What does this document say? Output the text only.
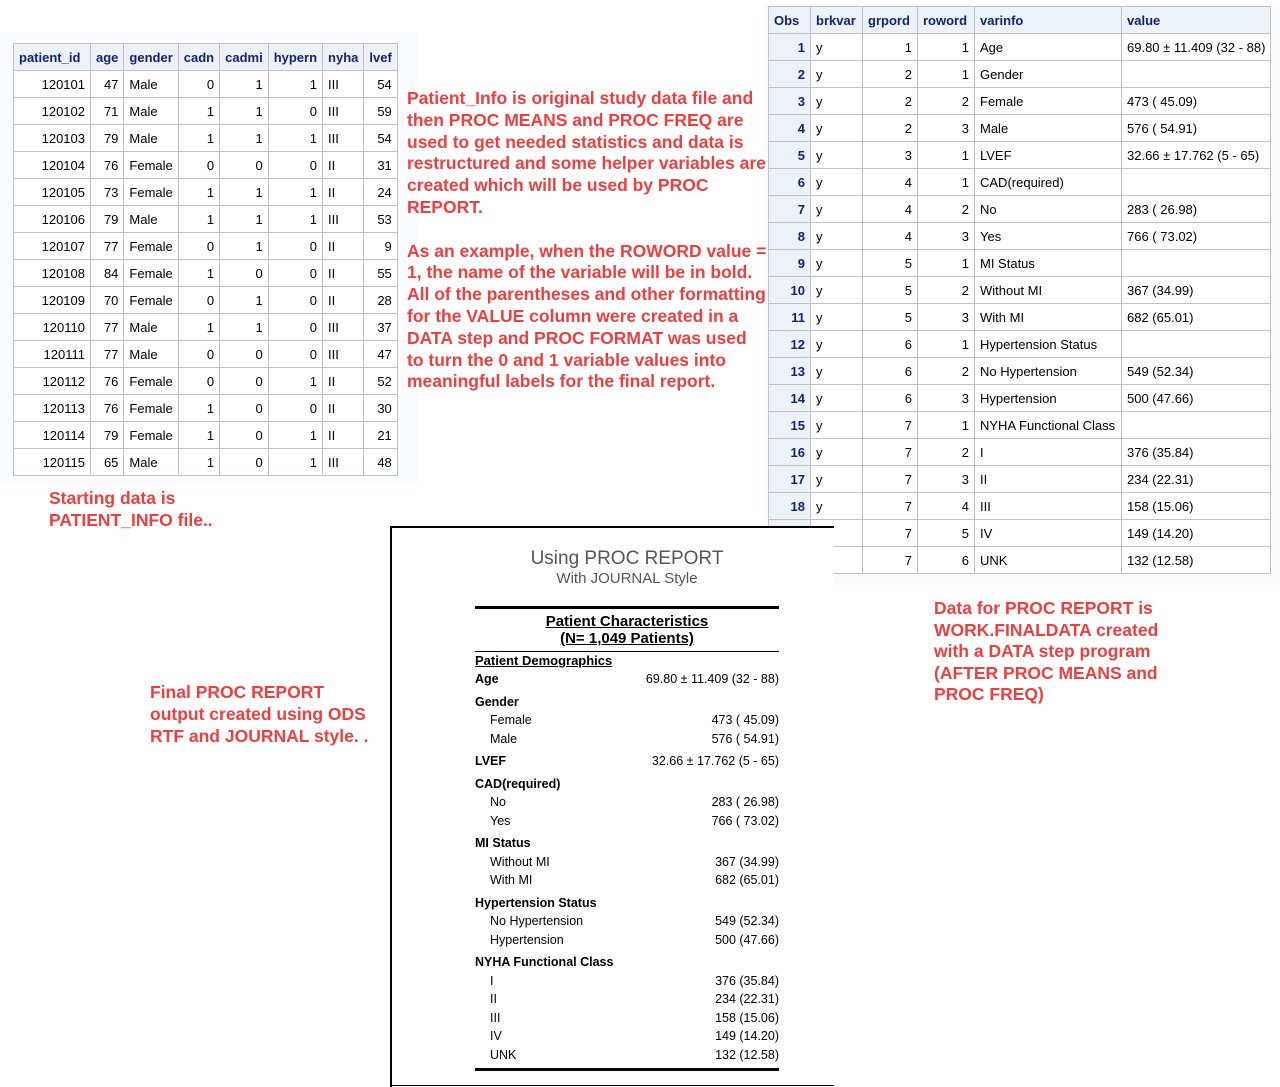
patient_id	age	gender	cadn	cadmi	hypern	nyha	lvef
120101	47	Male	0	1	1	III	54
120102	71	Male	1	1	0	III	59
120103	79	Male	1	1	1	III	54
120104	76	Female	0	0	0	II	31
120105	73	Female	1	1	1	II	24
120106	79	Male	1	1	1	III	53
120107	77	Female	0	1	0	II	9
120108	84	Female	1	0	0	II	55
120109	70	Female	0	1	0	II	28
120110	77	Male	1	1	0	III	37
120111	77	Male	0	0	0	III	47
120112	76	Female	0	0	1	II	52
120113	76	Female	1	0	0	II	30
120114	79	Female	1	0	1	II	21
120115	65	Male	1	0	1	III	48
Obs	brkvar	grpord	roword	varinfo	value
1	y	1	1	Age	69.80 ± 11.409 (32 - 88)
2	y	2	1	Gender	
3	y	2	2	Female	473 ( 45.09)
4	y	2	3	Male	576 ( 54.91)
5	y	3	1	LVEF	32.66 ± 17.762 (5 - 65)
6	y	4	1	CAD(required)	
7	y	4	2	No	283 ( 26.98)
8	y	4	3	Yes	766 ( 73.02)
9	y	5	1	MI Status	
10	y	5	2	Without MI	367 (34.99)
11	y	5	3	With MI	682 (65.01)
12	y	6	1	Hypertension Status	
13	y	6	2	No Hypertension	549 (52.34)
14	y	6	3	Hypertension	500 (47.66)
15	y	7	1	NYHA Functional Class	
16	y	7	2	I	376 (35.84)
17	y	7	3	II	234 (22.31)
18	y	7	4	III	158 (15.06)
		7	5	IV	149 (14.20)
		7	6	UNK	132 (12.58)

Patient_Info is original study data file and then PROC MEANS and PROC FREQ are used to get needed statistics and data is restructured and some helper variables are created which will be used by PROC REPORT.

As an example, when the ROWORD value = 1, the name of the variable will be in bold. All of the parentheses and other formatting for the VALUE column were created in a DATA step and PROC FORMAT was used to turn the 0 and 1 variable values into meaningful labels for the final report.

Starting data is
PATIENT_INFO file..

Final PROC REPORT
output created using ODS
RTF and JOURNAL style. .

Data for PROC REPORT is
WORK.FINALDATA created
with a DATA step program
(AFTER PROC MEANS and
PROC FREQ)

Using PROC REPORT
With JOURNAL Style
Patient Characteristics
(N= 1,049 Patients)
Patient Demographics
Age	69.80 ± 11.409 (32 - 88)
Gender
Female	473 ( 45.09)
Male	576 ( 54.91)
LVEF	32.66 ± 17.762 (5 - 65)
CAD(required)
No	283 ( 26.98)
Yes	766 ( 73.02)
MI Status
Without MI	367 (34.99)
With MI	682 (65.01)
Hypertension Status
No Hypertension	549 (52.34)
Hypertension	500 (47.66)
NYHA Functional Class
I	376 (35.84)
II	234 (22.31)
III	158 (15.06)
IV	149 (14.20)
UNK	132 (12.58)
